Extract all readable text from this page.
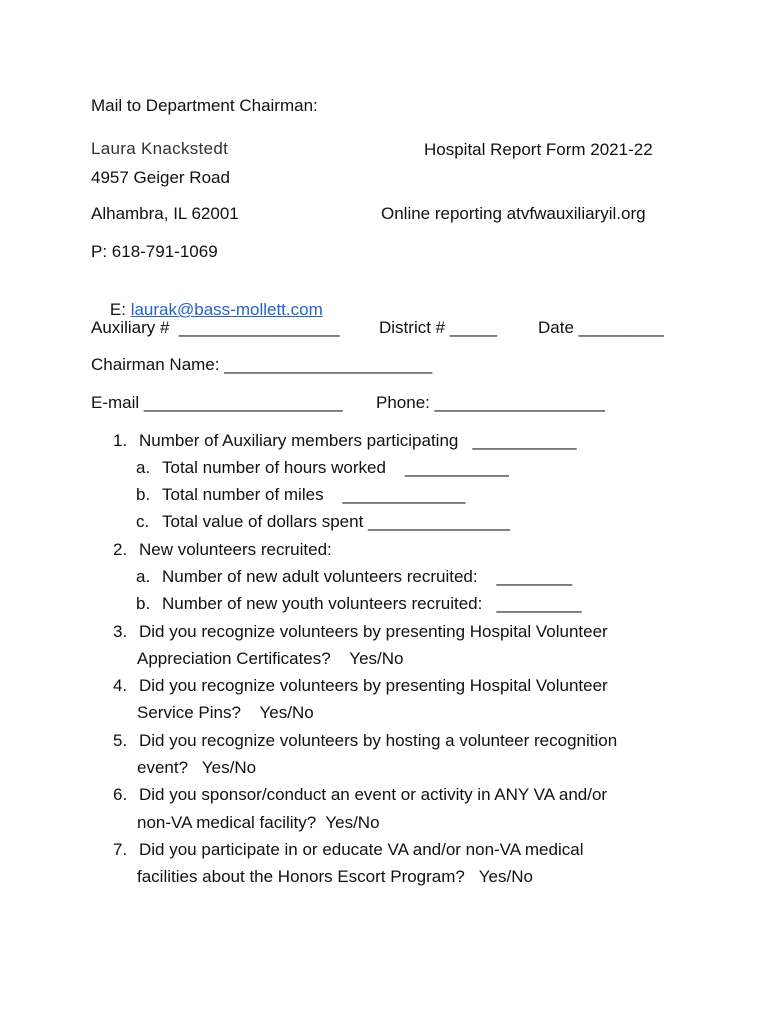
Mail to Department Chairman:
Laura Knackstedt	Hospital Report Form 2021-22
4957 Geiger Road
Alhambra, IL 62001	Online reporting atvfwauxiliaryil.org
P: 618-791-1069

E: laurak@bass-mollett.com

Auxiliary #  _________________ District # _____ Date _________
Chairman Name: ______________________
E-mail _____________________ Phone: __________________
1. Number of Auxiliary members participating   ___________
a. Total number of hours worked    ___________
b. Total number of miles    _____________
c. Total value of dollars spent _______________
2. New volunteers recruited:
a. Number of new adult volunteers recruited:    ________
b. Number of new youth volunteers recruited:   _________
3. Did you recognize volunteers by presenting Hospital Volunteer
Appreciation Certificates?    Yes/No
4. Did you recognize volunteers by presenting Hospital Volunteer
Service Pins?    Yes/No
5. Did you recognize volunteers by hosting a volunteer recognition
event?   Yes/No
6. Did you sponsor/conduct an event or activity in ANY VA and/or
non-VA medical facility?  Yes/No
7. Did you participate in or educate VA and/or non-VA medical
facilities about the Honors Escort Program?   Yes/No
